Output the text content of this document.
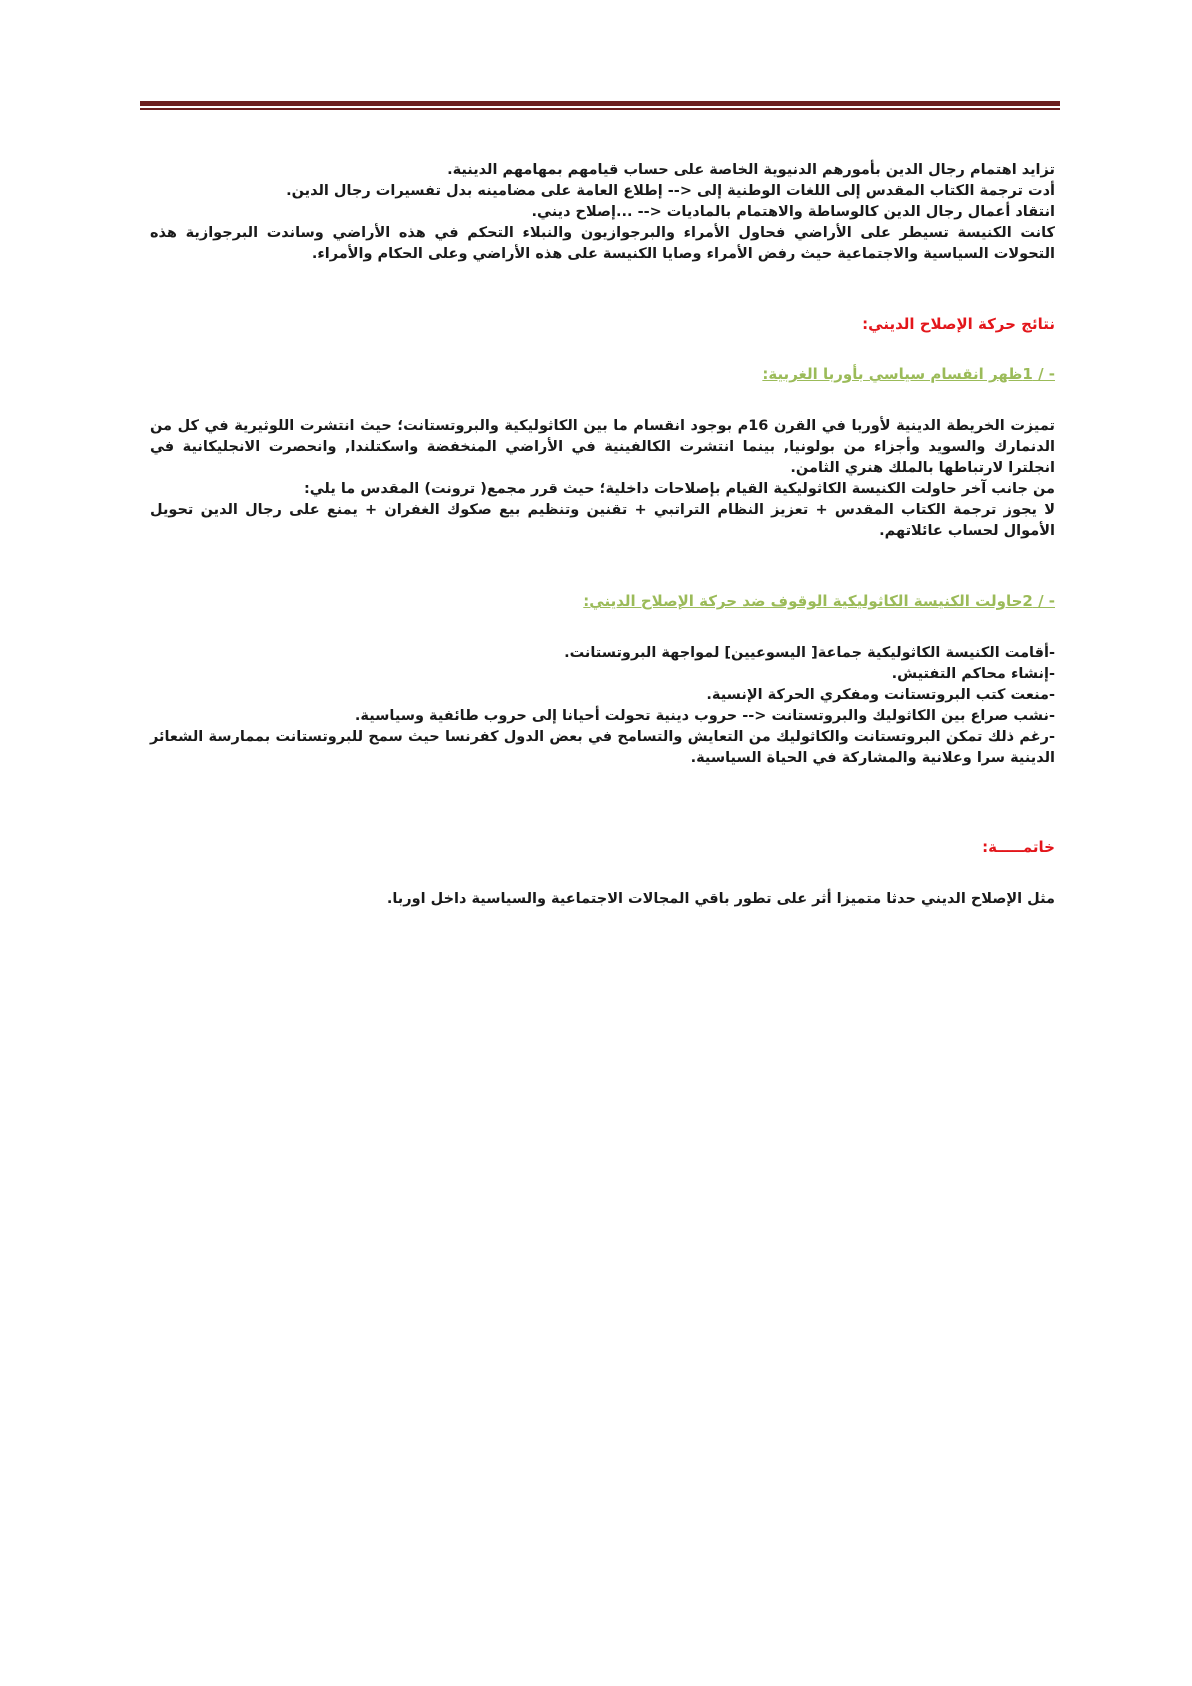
تزايد اهتمام رجال الدين بأمورهم الدنيوية الخاصة على حساب قيامهم بمهامهم الدينية.

أدت ترجمة الكتاب المقدس إلى اللغات الوطنية إلى <-- إطلاع العامة على مضامينه بدل تفسيرات رجال الدين.

انتقاد أعمال رجال الدين كالوساطة والاهتمام بالماديات <-- ...إصلاح ديني.

كانت الكنيسة تسيطر على الأراضي فحاول الأمراء والبرجوازيون والنبلاء التحكم في هذه الأراضي وساندت البرجوازية هذه التحولات السياسية والاجتماعية حيث رفض الأمراء وصايا الكنيسة على هذه الأراضي وعلى الحكام والأمراء.

نتائج حركة الإصلاح الديني:
- / 1ظهر انقسام سياسي بأوربا الغربية:

تميزت الخريطة الدينية لأوربا في القرن 16م بوجود انقسام ما بين الكاثوليكية والبروتستانت؛ حيث انتشرت اللوثيرية في كل من الدنمارك والسويد وأجزاء من بولونيا, بينما انتشرت الكالفينية في الأراضي المنخفضة واسكتلندا, وانحصرت الانجليكانية في انجلترا لارتباطها بالملك هنري الثامن.

من جانب آخر حاولت الكنيسة الكاثوليكية القيام بإصلاحات داخلية؛ حيث قرر مجمع( ترونت) المقدس ما يلي:

لا يجوز ترجمة الكتاب المقدس + تعزيز النظام التراتبي + تقنين وتنظيم بيع صكوك الغفران + يمنع على رجال الدين تحويل الأموال لحساب عائلاتهم.

- / 2حاولت الكنيسة الكاثوليكية الوقوف ضد حركة الإصلاح الديني:

-أقامت الكنيسة الكاثوليكية جماعة[ اليسوعيين] لمواجهة البروتستانت.

-إنشاء محاكم التفتيش.

-منعت كتب البروتستانت ومفكري الحركة الإنسية.

-نشب صراع بين الكاثوليك والبروتستانت <-- حروب دينية تحولت أحيانا إلى حروب طائفية وسياسية.

-رغم ذلك تمكن البروتستانت والكاثوليك من التعايش والتسامح في بعض الدول كفرنسا حيث سمح للبروتستانت بممارسة الشعائر الدينية سرا وعلانية والمشاركة في الحياة السياسية.

خاتمـــــة:
مثل الإصلاح الديني حدثا متميزا أثر على تطور باقي المجالات الاجتماعية والسياسية داخل اوربا.
